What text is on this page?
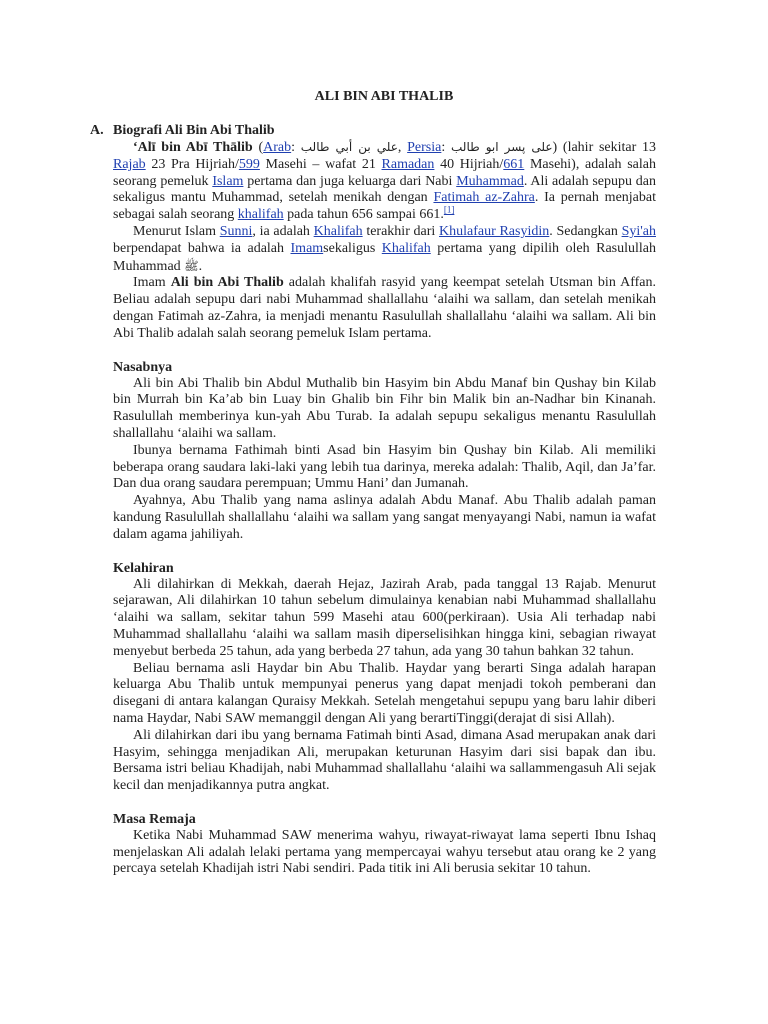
ALI BIN ABI THALIB
A. Biografi Ali Bin Abi Thalib

‘Alī bin Abī Thālib (Arab: علي بن أبي طالب, Persia: علی پسر ابو طالب) (lahir sekitar 13 Rajab 23 Pra Hijriah/599 Masehi – wafat 21 Ramadan 40 Hijriah/661 Masehi), adalah salah seorang pemeluk Islam pertama dan juga keluarga dari Nabi Muhammad. Ali adalah sepupu dan sekaligus mantu Muhammad, setelah menikah dengan Fatimah az-Zahra. Ia pernah menjabat sebagai salah seorang khalifah pada tahun 656 sampai 661.[1]

Menurut Islam Sunni, ia adalah Khalifah terakhir dari Khulafaur Rasyidin. Sedangkan Syi'ah berpendapat bahwa ia adalah Imamsekaligus Khalifah pertama yang dipilih oleh Rasulullah Muhammad ﷺ.

Imam Ali bin Abi Thalib adalah khalifah rasyid yang keempat setelah Utsman bin Affan. Beliau adalah sepupu dari nabi Muhammad shallallahu ‘alaihi wa sallam, dan setelah menikah dengan Fatimah az-Zahra, ia menjadi menantu Rasulullah shallallahu ‘alaihi wa sallam. Ali bin Abi Thalib adalah salah seorang pemeluk Islam pertama.

Nasabnya

Ali bin Abi Thalib bin Abdul Muthalib bin Hasyim bin Abdu Manaf bin Qushay bin Kilab bin Murrah bin Ka’ab bin Luay bin Ghalib bin Fihr bin Malik bin an-Nadhar bin Kinanah. Rasulullah memberinya kun-yah Abu Turab. Ia adalah sepupu sekaligus menantu Rasulullah shallallahu ‘alaihi wa sallam.

Ibunya bernama Fathimah binti Asad bin Hasyim bin Qushay bin Kilab. Ali memiliki beberapa orang saudara laki-laki yang lebih tua darinya, mereka adalah: Thalib, Aqil, dan Ja’far. Dan dua orang saudara perempuan; Ummu Hani’ dan Jumanah.

Ayahnya, Abu Thalib yang nama aslinya adalah Abdu Manaf. Abu Thalib adalah paman kandung Rasulullah shallallahu ‘alaihi wa sallam yang sangat menyayangi Nabi, namun ia wafat dalam agama jahiliyah.

Kelahiran

Ali dilahirkan di Mekkah, daerah Hejaz, Jazirah Arab, pada tanggal 13 Rajab. Menurut sejarawan, Ali dilahirkan 10 tahun sebelum dimulainya kenabian nabi Muhammad shallallahu ‘alaihi wa sallam, sekitar tahun 599 Masehi atau 600(perkiraan). Usia Ali terhadap nabi Muhammad shallallahu ‘alaihi wa sallam masih diperselisihkan hingga kini, sebagian riwayat menyebut berbeda 25 tahun, ada yang berbeda 27 tahun, ada yang 30 tahun bahkan 32 tahun.

Beliau bernama asli Haydar bin Abu Thalib. Haydar yang berarti Singa adalah harapan keluarga Abu Thalib untuk mempunyai penerus yang dapat menjadi tokoh pemberani dan disegani di antara kalangan Quraisy Mekkah. Setelah mengetahui sepupu yang baru lahir diberi nama Haydar, Nabi SAW memanggil dengan Ali yang berartiTinggi(derajat di sisi Allah).

Ali dilahirkan dari ibu yang bernama Fatimah binti Asad, dimana Asad merupakan anak dari Hasyim, sehingga menjadikan Ali, merupakan keturunan Hasyim dari sisi bapak dan ibu. Bersama istri beliau Khadijah, nabi Muhammad shallallahu ‘alaihi wa sallammengasuh Ali sejak kecil dan menjadikannya putra angkat.

Masa Remaja

Ketika Nabi Muhammad SAW menerima wahyu, riwayat-riwayat lama seperti Ibnu Ishaq menjelaskan Ali adalah lelaki pertama yang mempercayai wahyu tersebut atau orang ke 2 yang percaya setelah Khadijah istri Nabi sendiri. Pada titik ini Ali berusia sekitar 10 tahun.
